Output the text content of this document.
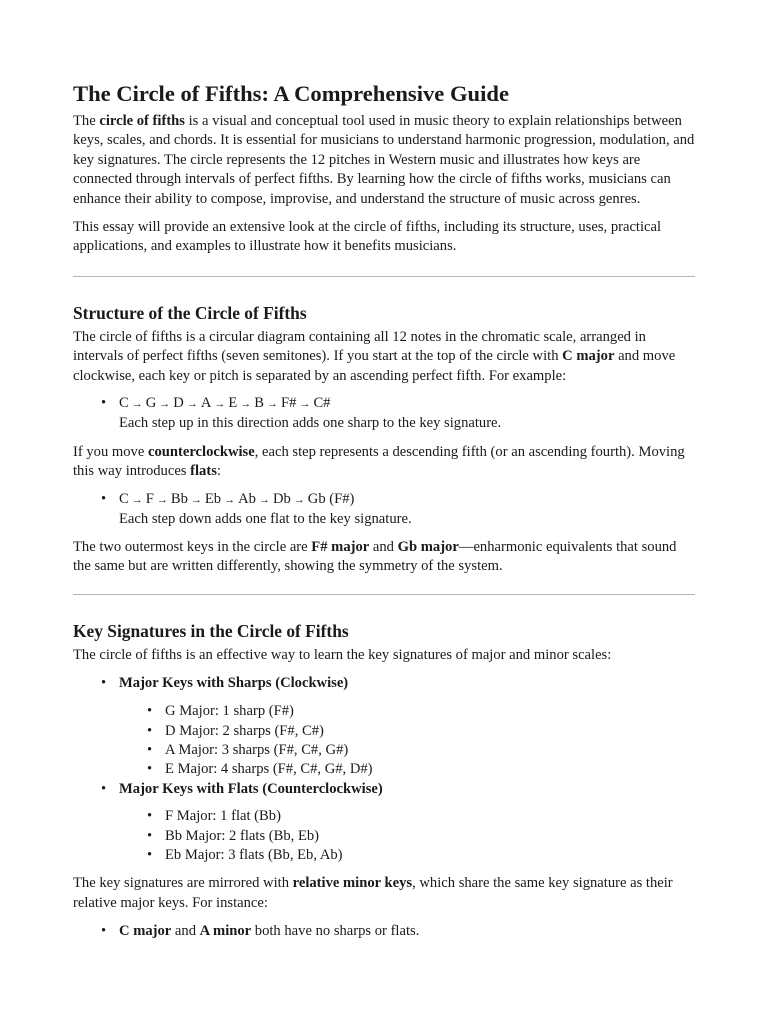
The Circle of Fifths: A Comprehensive Guide

The circle of fifths is a visual and conceptual tool used in music theory to explain relationships between keys, scales, and chords. It is essential for musicians to understand harmonic progression, modulation, and key signatures. The circle represents the 12 pitches in Western music and illustrates how keys are connected through intervals of perfect fifths. By learning how the circle of fifths works, musicians can enhance their ability to compose, improvise, and understand the structure of music across genres.

This essay will provide an extensive look at the circle of fifths, including its structure, uses, practical applications, and examples to illustrate how it benefits musicians.

Structure of the Circle of Fifths

The circle of fifths is a circular diagram containing all 12 notes in the chromatic scale, arranged in intervals of perfect fifths (seven semitones). If you start at the top of the circle with C major and move clockwise, each key or pitch is separated by an ascending perfect fifth. For example:

• C → G → D → A → E → B → F# → C#
Each step up in this direction adds one sharp to the key signature.

If you move counterclockwise, each step represents a descending fifth (or an ascending fourth). Moving this way introduces flats:

• C → F → Bb → Eb → Ab → Db → Gb (F#)
Each step down adds one flat to the key signature.

The two outermost keys in the circle are F# major and Gb major—enharmonic equivalents that sound the same but are written differently, showing the symmetry of the system.

Key Signatures in the Circle of Fifths

The circle of fifths is an effective way to learn the key signatures of major and minor scales:

• Major Keys with Sharps (Clockwise)
• G Major: 1 sharp (F#)
• D Major: 2 sharps (F#, C#)
• A Major: 3 sharps (F#, C#, G#)
• E Major: 4 sharps (F#, C#, G#, D#)
• Major Keys with Flats (Counterclockwise)
• F Major: 1 flat (Bb)
• Bb Major: 2 flats (Bb, Eb)
• Eb Major: 3 flats (Bb, Eb, Ab)

The key signatures are mirrored with relative minor keys, which share the same key signature as their relative major keys. For instance:

• C major and A minor both have no sharps or flats.
